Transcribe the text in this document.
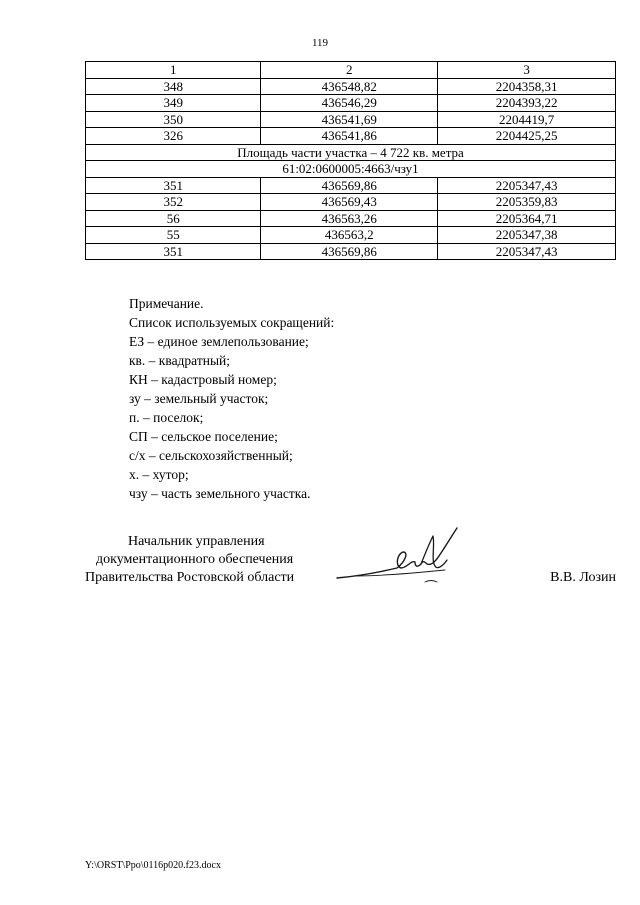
119
1	2	3
348	436548,82	2204358,31
349	436546,29	2204393,22
350	436541,69	2204419,7
326	436541,86	2204425,25
Площадь части участка – 4 722 кв. метра		
61:02:0600005:4663/чзу1		
351	436569,86	2205347,43
352	436569,43	2205359,83
56	436563,26	2205364,71
55	436563,2	2205347,38
351	436569,86	2205347,43
Примечание.
Список используемых сокращений:
ЕЗ – единое землепользование;
кв. – квадратный;
КН – кадастровый номер;
зу – земельный участок;
п. – поселок;
СП – сельское поселение;
с/х – сельскохозяйственный;
х. – хутор;
чзу – часть земельного участка.
Начальник управления
документационного обеспечения
Правительства Ростовской области	В.В. Лозин
Y:\ORST\Ppo\0116p020.f23.docx
